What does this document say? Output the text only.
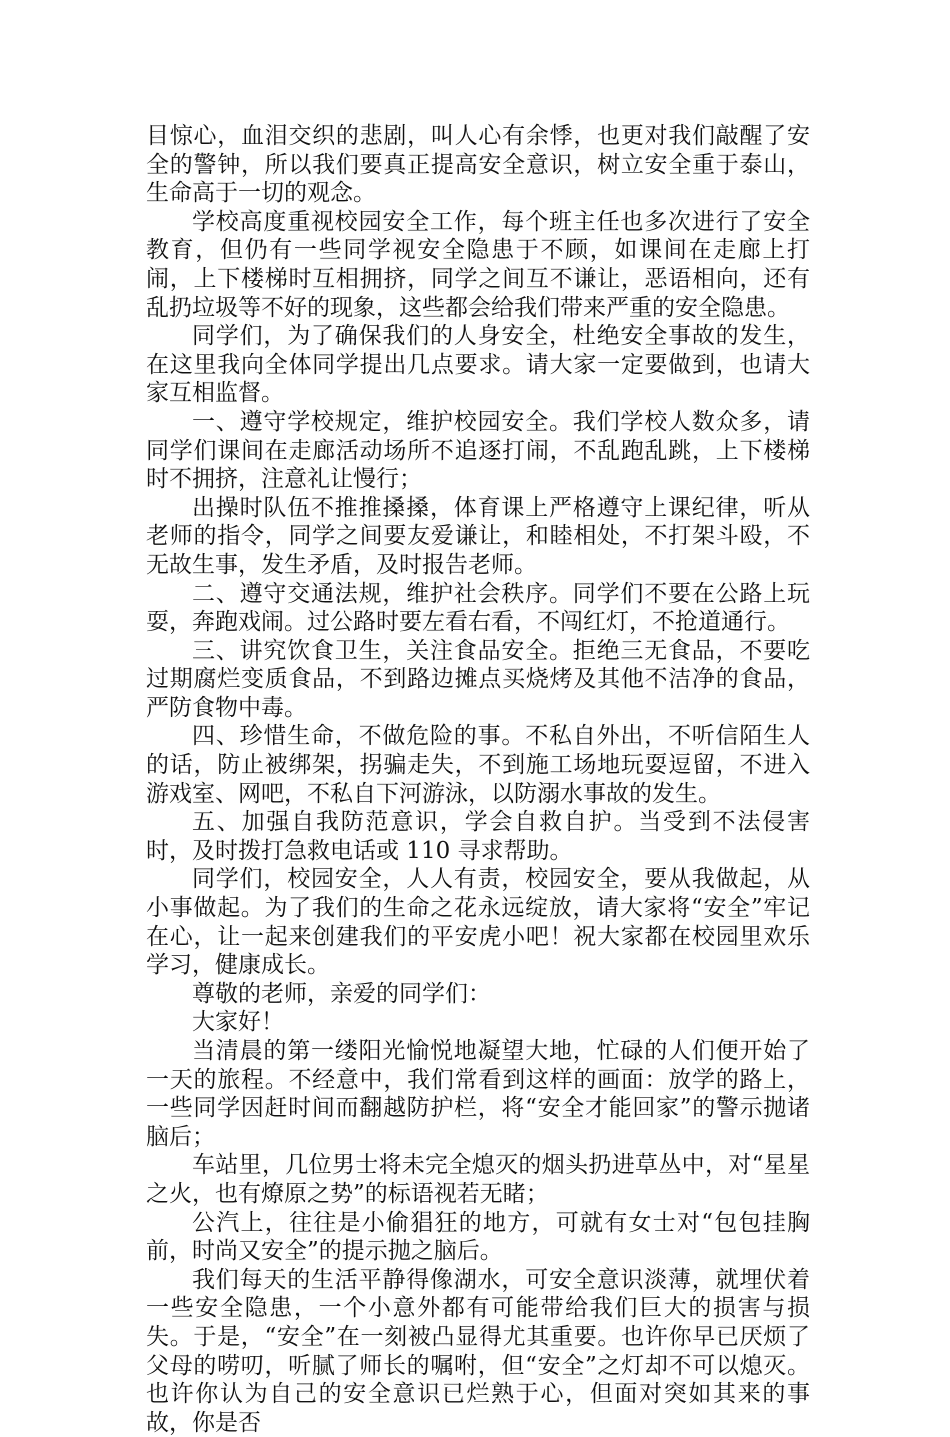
目惊心，血泪交织的悲剧，叫人心有余悸，也更对我们敲醒了安全的警钟，所以我们要真正提高安全意识，树立安全重于泰山，生命高于一切的观念。

学校高度重视校园安全工作，每个班主任也多次进行了安全教育，但仍有一些同学视安全隐患于不顾，如课间在走廊上打闹，上下楼梯时互相拥挤，同学之间互不谦让，恶语相向，还有乱扔垃圾等不好的现象，这些都会给我们带来严重的安全隐患。

同学们，为了确保我们的人身安全，杜绝安全事故的发生，在这里我向全体同学提出几点要求。请大家一定要做到，也请大家互相监督。

一、遵守学校规定，维护校园安全。我们学校人数众多，请同学们课间在走廊活动场所不追逐打闹，不乱跑乱跳，上下楼梯时不拥挤，注意礼让慢行；

出操时队伍不推推搡搡，体育课上严格遵守上课纪律，听从老师的指令，同学之间要友爱谦让，和睦相处，不打架斗殴，不无故生事，发生矛盾，及时报告老师。

二、遵守交通法规，维护社会秩序。同学们不要在公路上玩耍，奔跑戏闹。过公路时要左看右看，不闯红灯，不抢道通行。

三、讲究饮食卫生，关注食品安全。拒绝三无食品，不要吃过期腐烂变质食品，不到路边摊点买烧烤及其他不洁净的食品，严防食物中毒。

四、珍惜生命，不做危险的事。不私自外出，不听信陌生人的话，防止被绑架，拐骗走失，不到施工场地玩耍逗留，不进入游戏室、网吧，不私自下河游泳，以防溺水事故的发生。

五、加强自我防范意识，学会自救自护。当受到不法侵害时，及时拨打急救电话或 110 寻求帮助。

同学们，校园安全，人人有责，校园安全，要从我做起，从小事做起。为了我们的生命之花永远绽放，请大家将“安全”牢记在心，让一起来创建我们的平安虎小吧！祝大家都在校园里欢乐学习，健康成长。

尊敬的老师，亲爱的同学们：

大家好！

当清晨的第一缕阳光愉悦地凝望大地，忙碌的人们便开始了一天的旅程。不经意中，我们常看到这样的画面：放学的路上，一些同学因赶时间而翻越防护栏，将“安全才能回家”的警示抛诸脑后；

车站里，几位男士将未完全熄灭的烟头扔进草丛中，对“星星之火，也有燎原之势”的标语视若无睹；

公汽上，往往是小偷猖狂的地方，可就有女士对“包包挂胸前，时尚又安全”的提示抛之脑后。

我们每天的生活平静得像湖水，可安全意识淡薄，就埋伏着一些安全隐患，一个小意外都有可能带给我们巨大的损害与损失。于是，“安全”在一刻被凸显得尤其重要。也许你早已厌烦了父母的唠叨，听腻了师长的嘱咐，但“安全”之灯却不可以熄灭。也许你认为自己的安全意识已烂熟于心，但面对突如其来的事故，你是否
